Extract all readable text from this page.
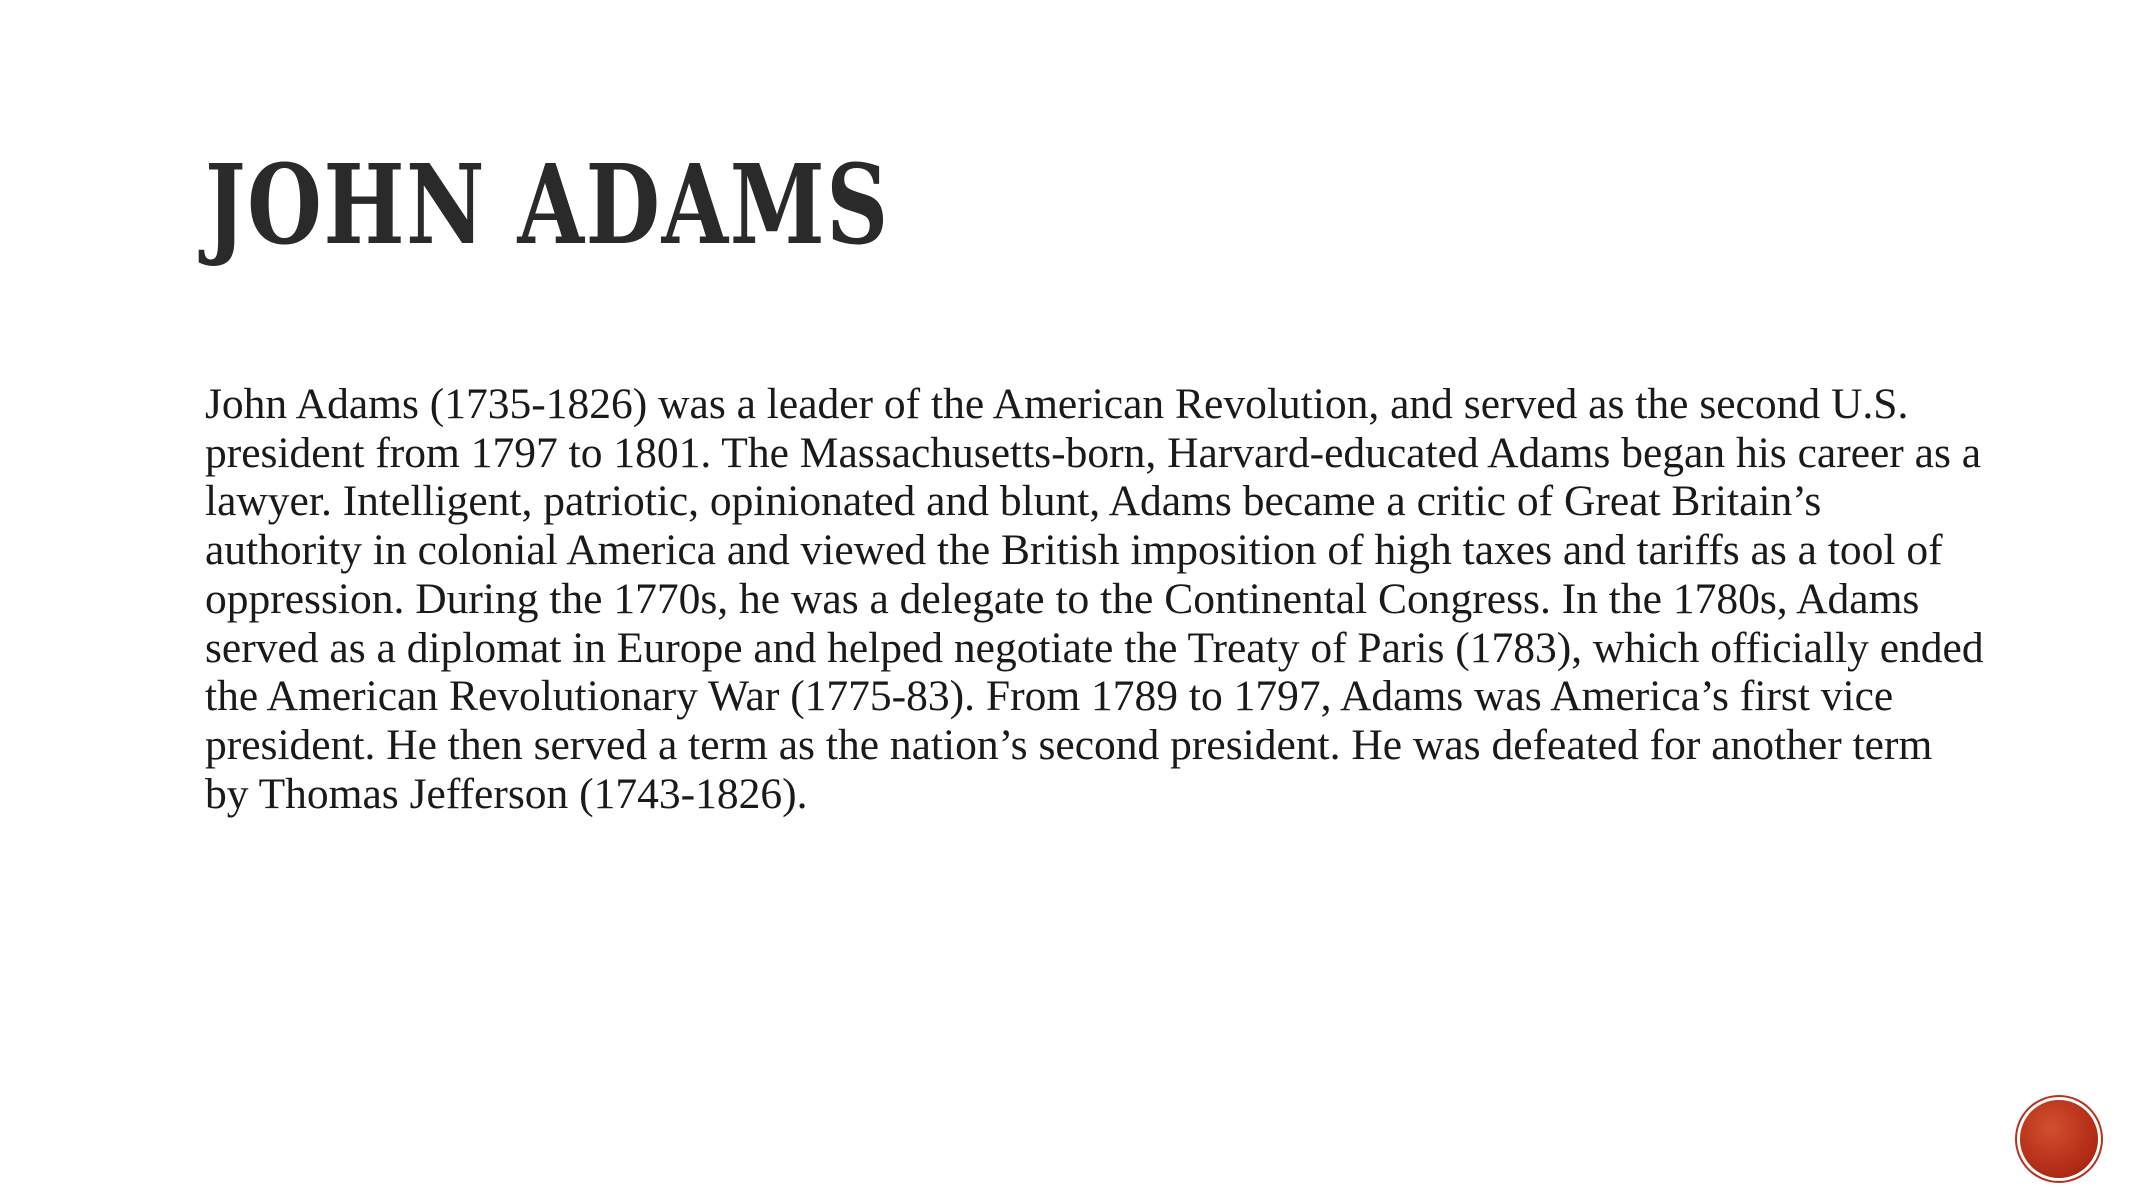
JOHN ADAMS

John Adams (1735-1826) was a leader of the American Revolution, and served as the second U.S. president from 1797 to 1801. The Massachusetts-born, Harvard-educated Adams began his career as a lawyer. Intelligent, patriotic, opinionated and blunt, Adams became a critic of Great Britain’s authority in colonial America and viewed the British imposition of high taxes and tariffs as a tool of oppression. During the 1770s, he was a delegate to the Continental Congress. In the 1780s, Adams served as a diplomat in Europe and helped negotiate the Treaty of Paris (1783), which officially ended the American Revolutionary War (1775-83). From 1789 to 1797, Adams was America’s first vice president. He then served a term as the nation’s second president. He was defeated for another term by Thomas Jefferson (1743-1826).
